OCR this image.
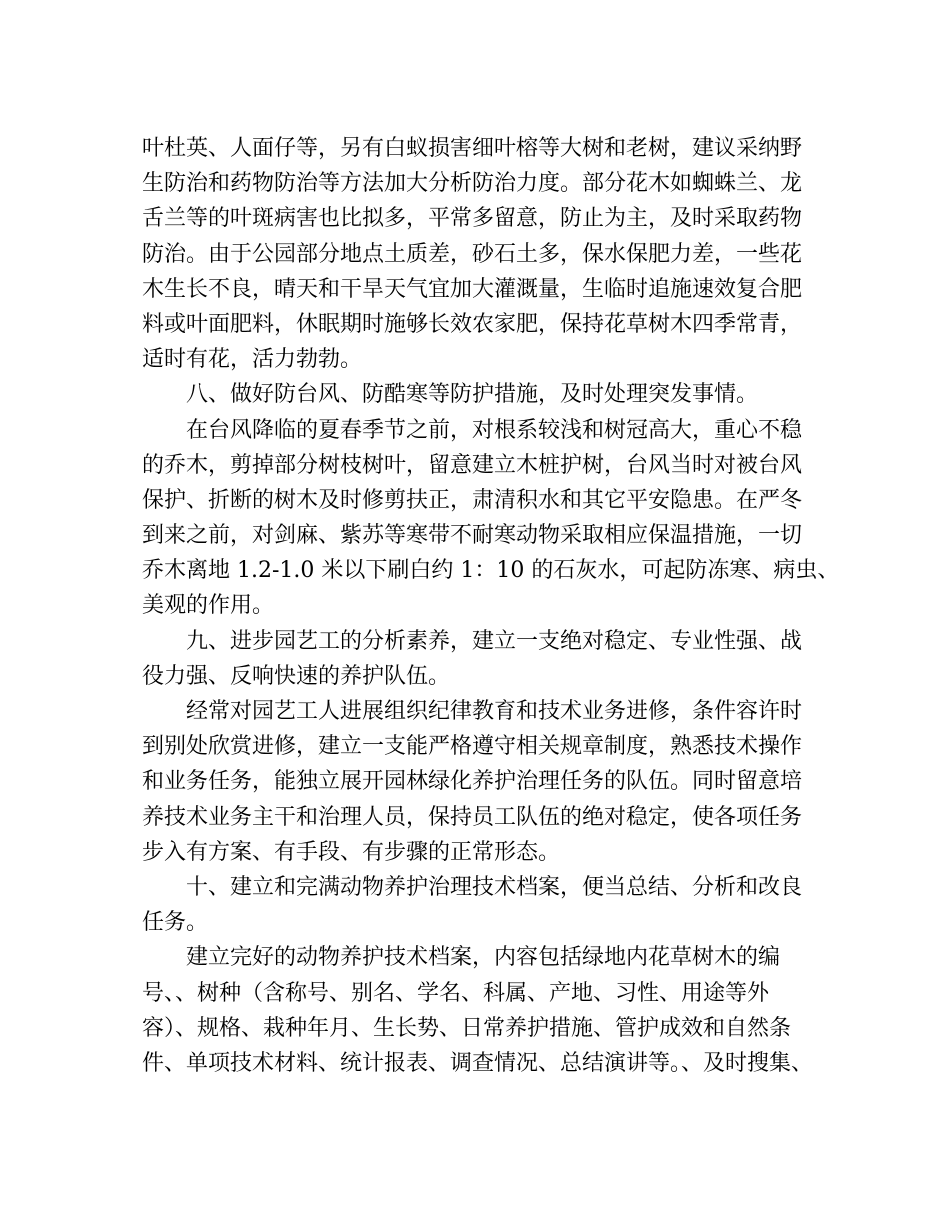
叶杜英、人面仔等，另有白蚁损害细叶榕等大树和老树，建议采纳野
生防治和药物防治等方法加大分析防治力度。部分花木如蜘蛛兰、龙
舌兰等的叶斑病害也比拟多，平常多留意，防止为主，及时采取药物
防治。由于公园部分地点土质差，砂石土多，保水保肥力差，一些花
木生长不良，晴天和干旱天气宜加大灌溉量，生临时追施速效复合肥
料或叶面肥料，休眠期时施够长效农家肥，保持花草树木四季常青，
适时有花，活力勃勃。
八、做好防台风、防酷寒等防护措施，及时处理突发事情。
在台风降临的夏春季节之前，对根系较浅和树冠高大，重心不稳
的乔木，剪掉部分树枝树叶，留意建立木桩护树，台风当时对被台风
保护、折断的树木及时修剪扶正，肃清积水和其它平安隐患。在严冬
到来之前，对剑麻、紫苏等寒带不耐寒动物采取相应保温措施，一切
乔木离地 1.2-1.0 米以下刷白约 1：10 的石灰水，可起防冻寒、病虫、
美观的作用。
九、进步园艺工的分析素养，建立一支绝对稳定、专业性强、战
役力强、反响快速的养护队伍。
经常对园艺工人进展组织纪律教育和技术业务进修，条件容许时
到别处欣赏进修，建立一支能严格遵守相关规章制度，熟悉技术操作
和业务任务，能独立展开园林绿化养护治理任务的队伍。同时留意培
养技术业务主干和治理人员，保持员工队伍的绝对稳定，使各项任务
步入有方案、有手段、有步骤的正常形态。
十、建立和完满动物养护治理技术档案，便当总结、分析和改良
任务。
建立完好的动物养护技术档案，内容包括绿地内花草树木的编
号、、树种（含称号、别名、学名、科属、产地、习性、用途等外
容）、规格、栽种年月、生长势、日常养护措施、管护成效和自然条
件、单项技术材料、统计报表、调查情况、总结演讲等。、及时搜集、
